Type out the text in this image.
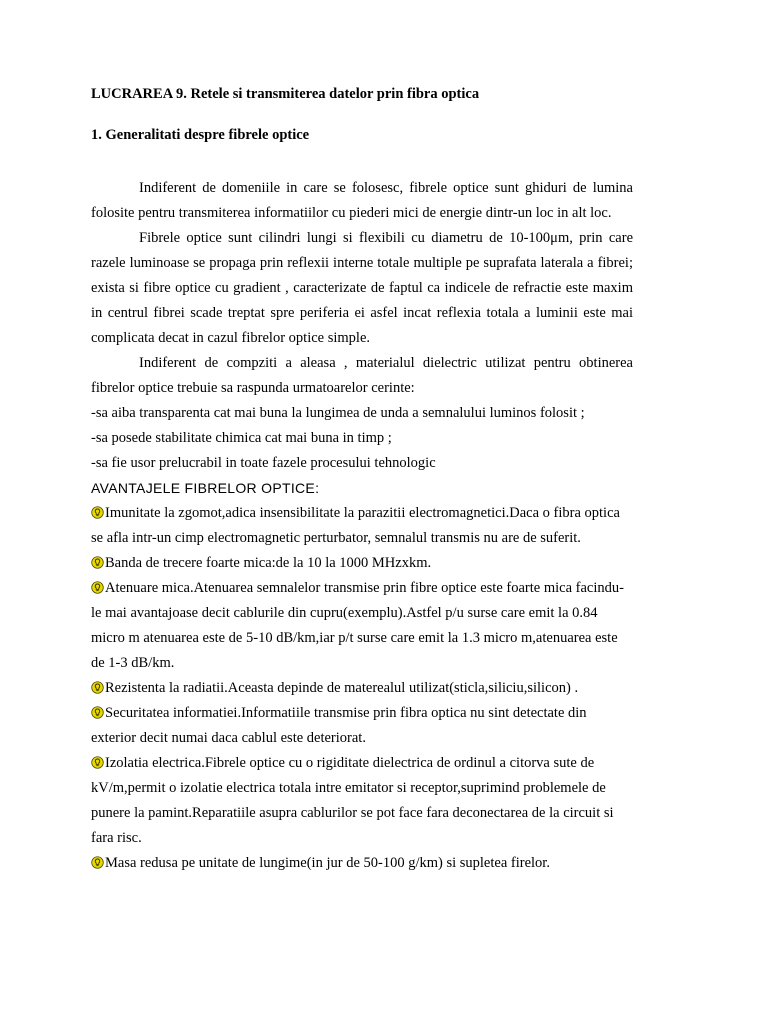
LUCRAREA 9. Retele si transmiterea datelor prin fibra optica
1. Generalitati despre fibrele optice

Indiferent de domeniile in care se folosesc, fibrele optice sunt ghiduri de lumina folosite pentru transmiterea informatiilor cu piederi mici de energie dintr-un loc in alt loc.

Fibrele optice sunt cilindri lungi si flexibili cu diametru de 10-100μm, prin care razele luminoase se propaga prin reflexii interne totale multiple pe suprafata laterala a fibrei; exista si fibre optice cu gradient , caracterizate de faptul ca indicele de refractie este maxim in centrul fibrei scade treptat spre periferia ei asfel incat reflexia totala a luminii este mai complicata decat in cazul fibrelor optice simple.

Indiferent de compziti a aleasa , materialul dielectric utilizat pentru obtinerea fibrelor optice trebuie sa raspunda urmatoarelor cerinte:

-sa aiba transparenta cat mai buna la lungimea de unda a semnalului luminos folosit ;

-sa posede stabilitate chimica cat mai buna in timp ;

-sa fie usor prelucrabil in toate fazele procesului tehnologic

AVANTAJELE FIBRELOR OPTICE:

Imunitate la zgomot,adica insensibilitate la parazitii electromagnetici.Daca o fibra optica se afla intr-un cimp electromagnetic perturbator, semnalul transmis nu are de suferit.

Banda de trecere foarte mica:de la 10 la 1000 MHzxkm.

Atenuare mica.Atenuarea semnalelor transmise prin fibre optice este foarte mica facindu-le mai avantajoase decit cablurile din cupru(exemplu).Astfel p/u surse care emit la 0.84 micro m atenuarea este de 5-10 dB/km,iar p/t surse care emit la 1.3 micro m,atenuarea este de 1-3 dB/km.

Rezistenta la radiatii.Aceasta depinde de materealul utilizat(sticla,siliciu,silicon) .

Securitatea informatiei.Informatiile transmise prin fibra optica nu sint detectate din exterior decit numai daca cablul este deteriorat.

Izolatia electrica.Fibrele optice cu o rigiditate dielectrica de ordinul a citorva sute de kV/m,permit o izolatie electrica totala intre emitator si receptor,suprimind problemele de punere la pamint.Reparatiile asupra cablurilor se pot face fara deconectarea de la circuit si fara risc.

Masa redusa pe unitate de lungime(in jur de 50-100 g/km) si supletea firelor.
